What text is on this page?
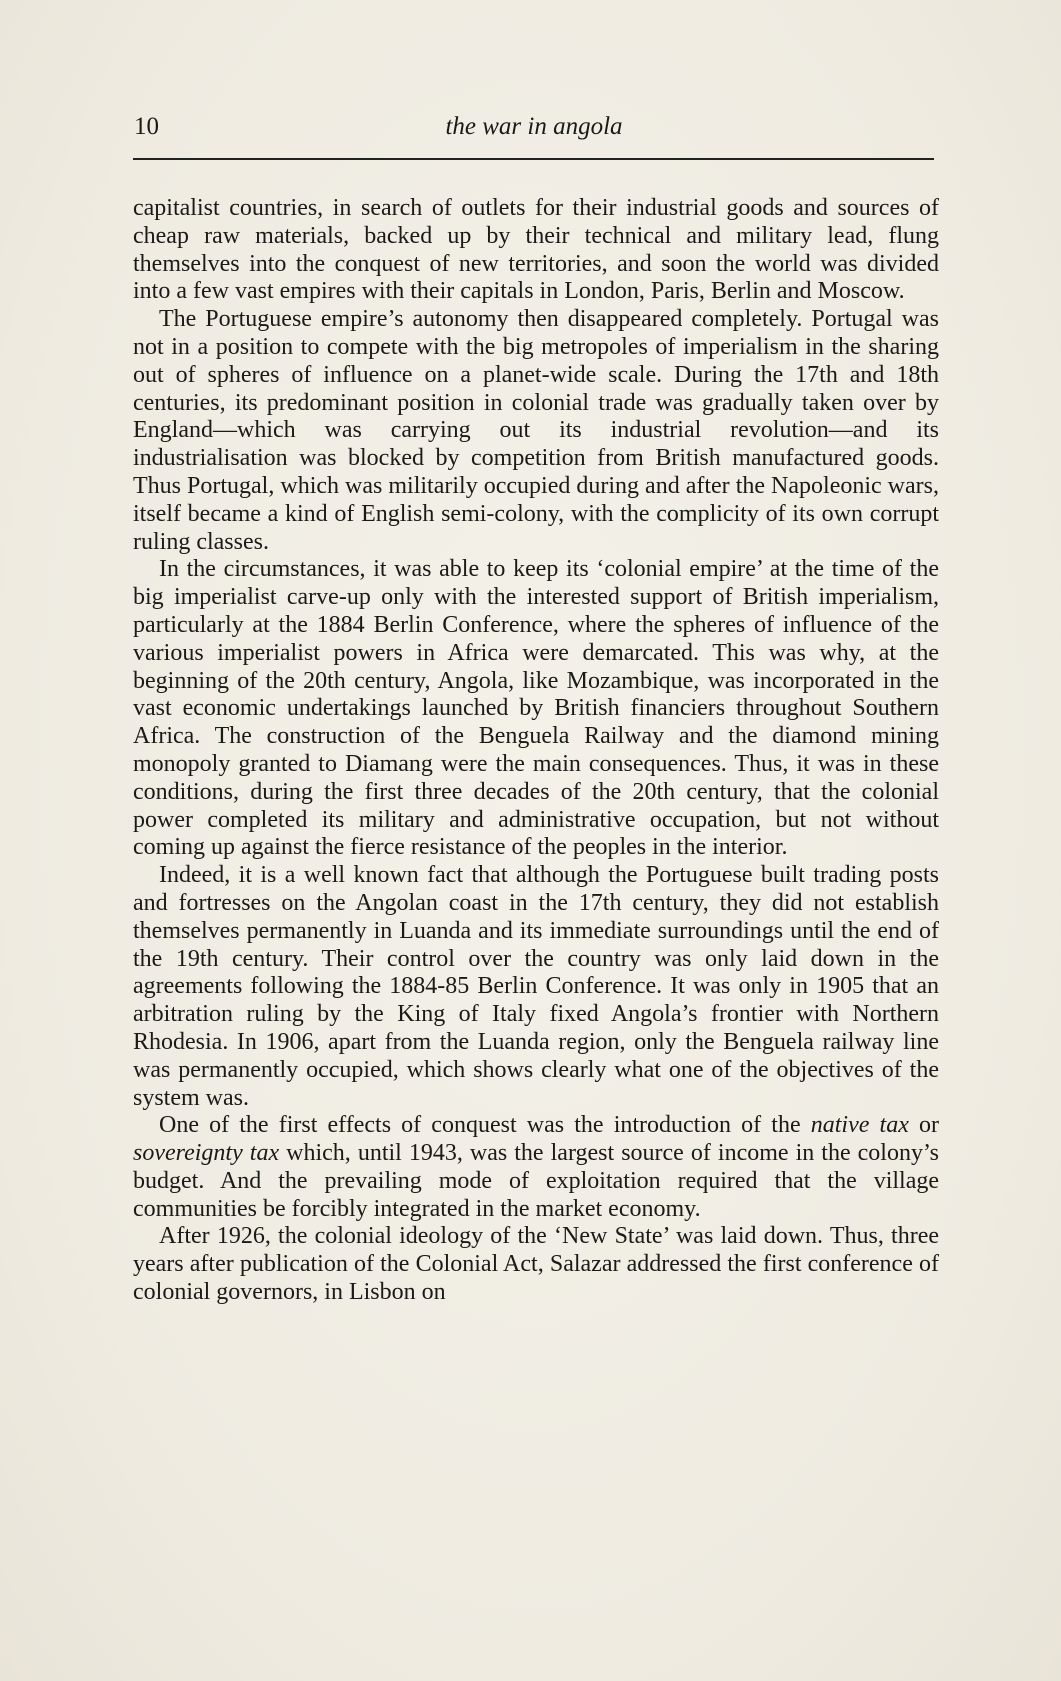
10	the war in angola

capitalist countries, in search of outlets for their industrial goods and sources of cheap raw materials, backed up by their technical and military lead, flung themselves into the conquest of new territories, and soon the world was divided into a few vast empires with their capitals in London, Paris, Berlin and Moscow.

The Portuguese empire’s autonomy then disappeared completely. Portugal was not in a position to compete with the big metropoles of imperialism in the sharing out of spheres of influence on a planet-wide scale. During the 17th and 18th centuries, its predominant position in colonial trade was gradually taken over by England—which was carrying out its industrial revolution—and its industrialisation was blocked by competition from British manufactured goods. Thus Portugal, which was militarily occupied during and after the Napoleonic wars, itself became a kind of English semi-colony, with the complicity of its own corrupt ruling classes.

In the circumstances, it was able to keep its ‘colonial empire’ at the time of the big imperialist carve-up only with the interested support of British imperialism, particularly at the 1884 Berlin Conference, where the spheres of influence of the various imperialist powers in Africa were demarcated. This was why, at the beginning of the 20th century, Angola, like Mozambique, was incorporated in the vast economic undertakings launched by British financiers throughout Southern Africa. The construction of the Benguela Railway and the diamond mining monopoly granted to Diamang were the main consequences. Thus, it was in these conditions, during the first three decades of the 20th century, that the colonial power completed its military and administrative occupation, but not without coming up against the fierce resistance of the peoples in the interior.

Indeed, it is a well known fact that although the Portuguese built trading posts and fortresses on the Angolan coast in the 17th century, they did not establish themselves permanently in Luanda and its immediate surroundings until the end of the 19th century. Their control over the country was only laid down in the agreements following the 1884-85 Berlin Conference. It was only in 1905 that an arbitration ruling by the King of Italy fixed Angola’s frontier with Northern Rhodesia. In 1906, apart from the Luanda region, only the Benguela railway line was permanently occupied, which shows clearly what one of the objectives of the system was.

One of the first effects of conquest was the introduction of the native tax or sovereignty tax which, until 1943, was the largest source of income in the colony’s budget. And the prevailing mode of exploitation required that the village communities be forcibly integrated in the market economy.

After 1926, the colonial ideology of the ‘New State’ was laid down. Thus, three years after publication of the Colonial Act, Salazar addressed the first conference of colonial governors, in Lisbon on
